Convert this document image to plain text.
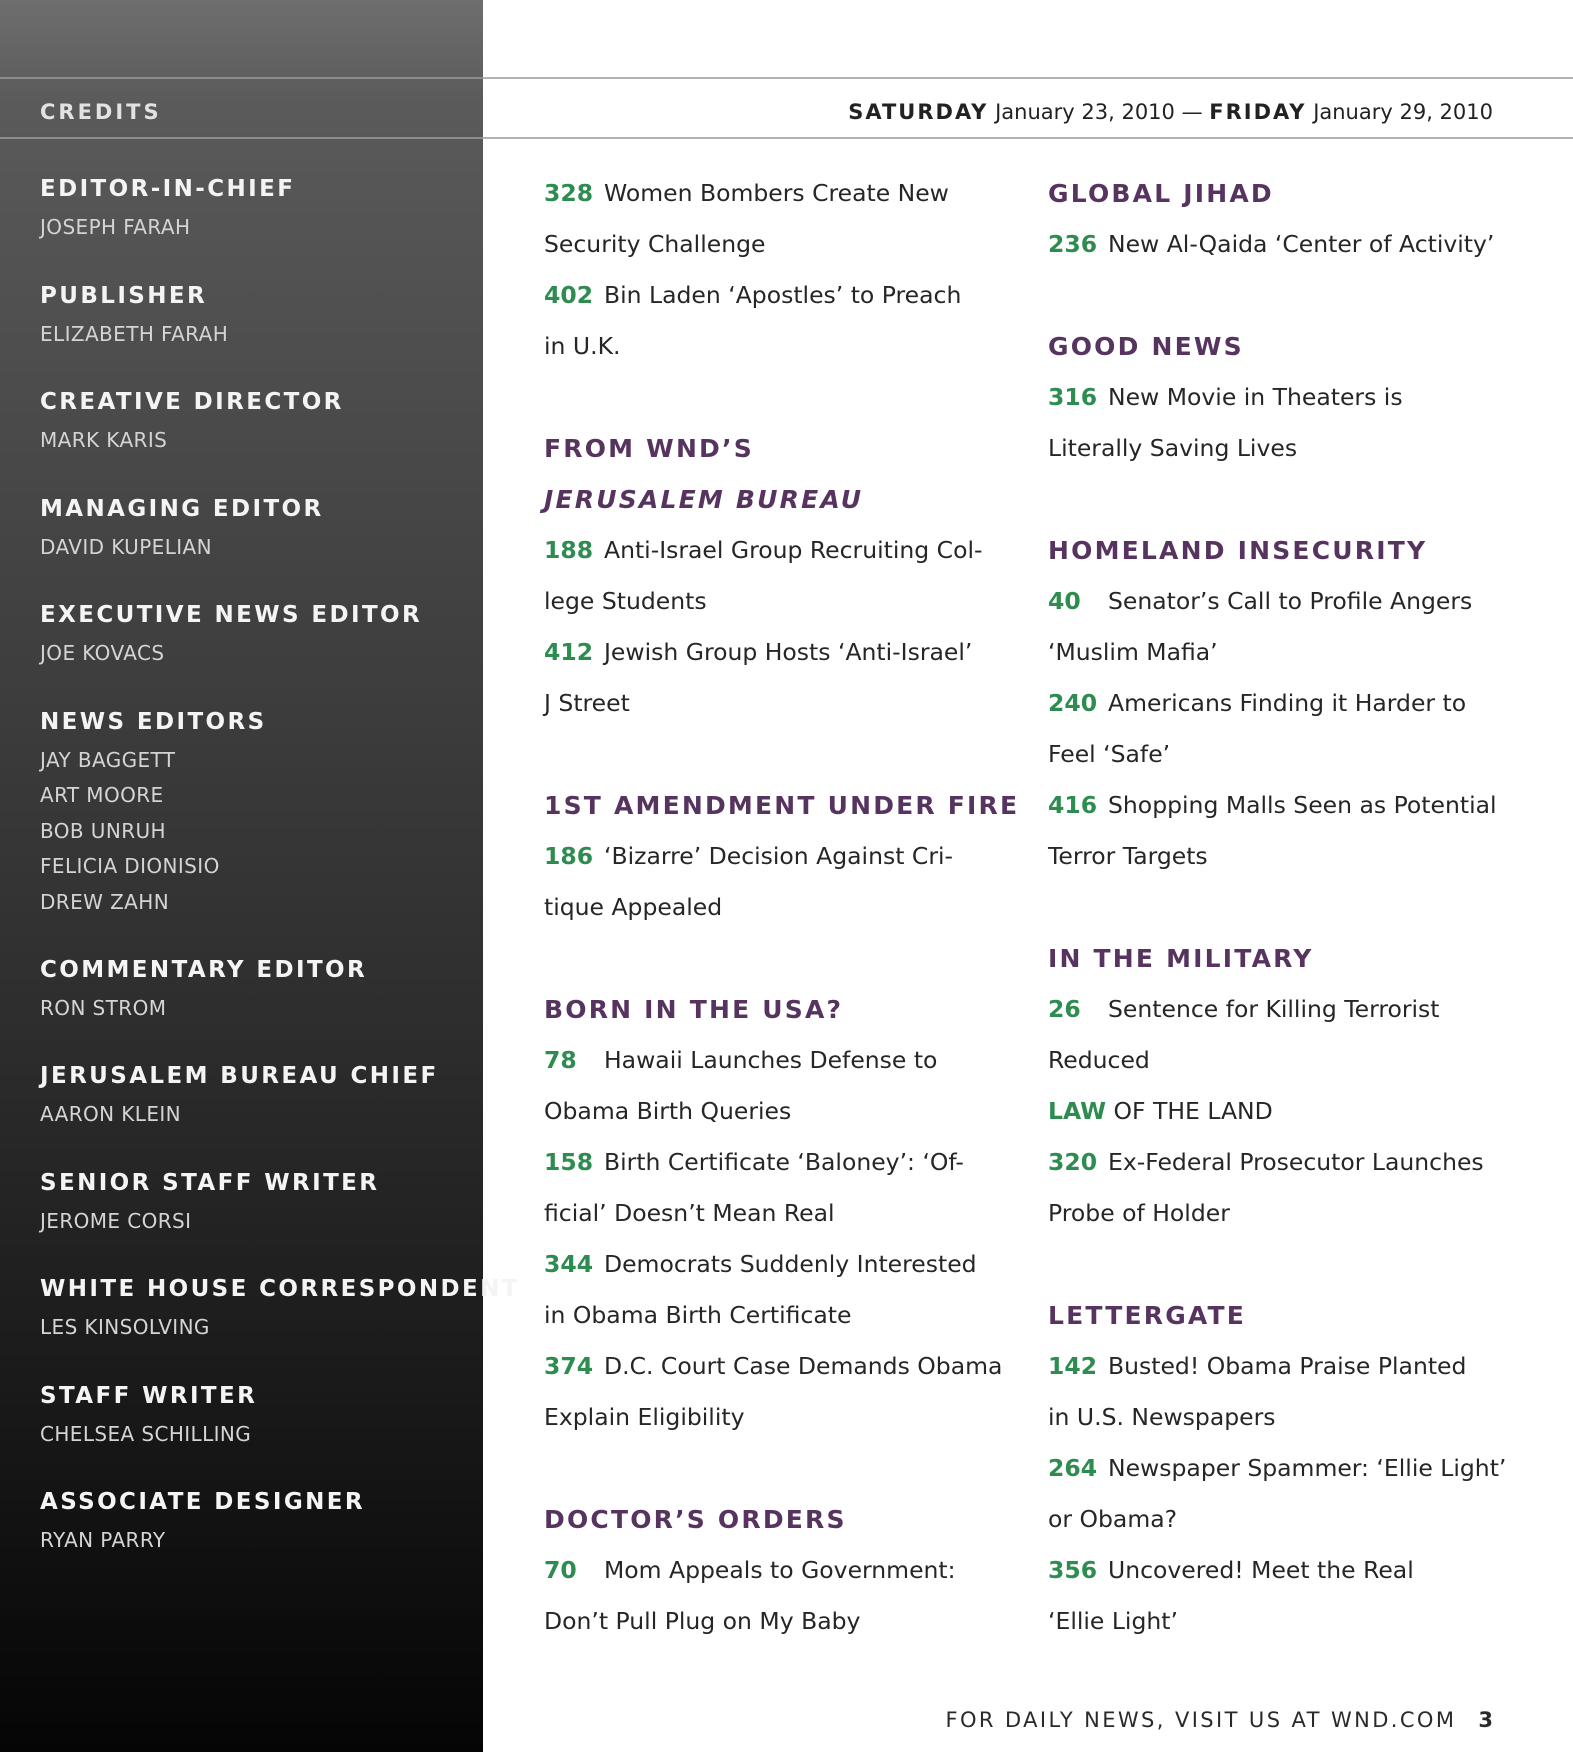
CREDITS
EDITOR-IN-CHIEF
JOSEPH FARAH
PUBLISHER
ELIZABETH FARAH
CREATIVE DIRECTOR
MARK KARIS
MANAGING EDITOR
DAVID KUPELIAN
EXECUTIVE NEWS EDITOR
JOE KOVACS
NEWS EDITORS
JAY BAGGETT
ART MOORE
BOB UNRUH
FELICIA DIONISIO
DREW ZAHN
COMMENTARY EDITOR
RON STROM
JERUSALEM BUREAU CHIEF
AARON KLEIN
SENIOR STAFF WRITER
JEROME CORSI
WHITE HOUSE CORRESPONDENT
LES KINSOLVING
STAFF WRITER
CHELSEA SCHILLING
ASSOCIATE DESIGNER
RYAN PARRY
SATURDAY January 23, 2010 — FRIDAY January 29, 2010
328 Women Bombers Create New
Security Challenge
402 Bin Laden ‘Apostles’ to Preach
in U.K.
FROM WND’S
JERUSALEM BUREAU
188 Anti-Israel Group Recruiting Col-
lege Students
412 Jewish Group Hosts ‘Anti-Israel’
J Street
1ST AMENDMENT UNDER FIRE
186 ‘Bizarre’ Decision Against Cri-
tique Appealed
BORN IN THE USA?
78 Hawaii Launches Defense to
Obama Birth Queries
158 Birth Certificate ‘Baloney’: ‘Of-
ficial’ Doesn’t Mean Real
344 Democrats Suddenly Interested
in Obama Birth Certificate
374 D.C. Court Case Demands Obama
Explain Eligibility
DOCTOR’S ORDERS
70 Mom Appeals to Government:
Don’t Pull Plug on My Baby
GLOBAL JIHAD
236 New Al-Qaida ‘Center of Activity’
GOOD NEWS
316 New Movie in Theaters is
Literally Saving Lives
HOMELAND INSECURITY
40 Senator’s Call to Profile Angers
‘Muslim Mafia’
240 Americans Finding it Harder to
Feel ‘Safe’
416 Shopping Malls Seen as Potential
Terror Targets
IN THE MILITARY
26 Sentence for Killing Terrorist
Reduced
LAW OF THE LAND
320 Ex-Federal Prosecutor Launches
Probe of Holder
LETTERGATE
142 Busted! Obama Praise Planted
in U.S. Newspapers
264 Newspaper Spammer: ‘Ellie Light’
or Obama?
356 Uncovered! Meet the Real
‘Ellie Light’
FOR DAILY NEWS, VISIT US AT WND.COM 3
